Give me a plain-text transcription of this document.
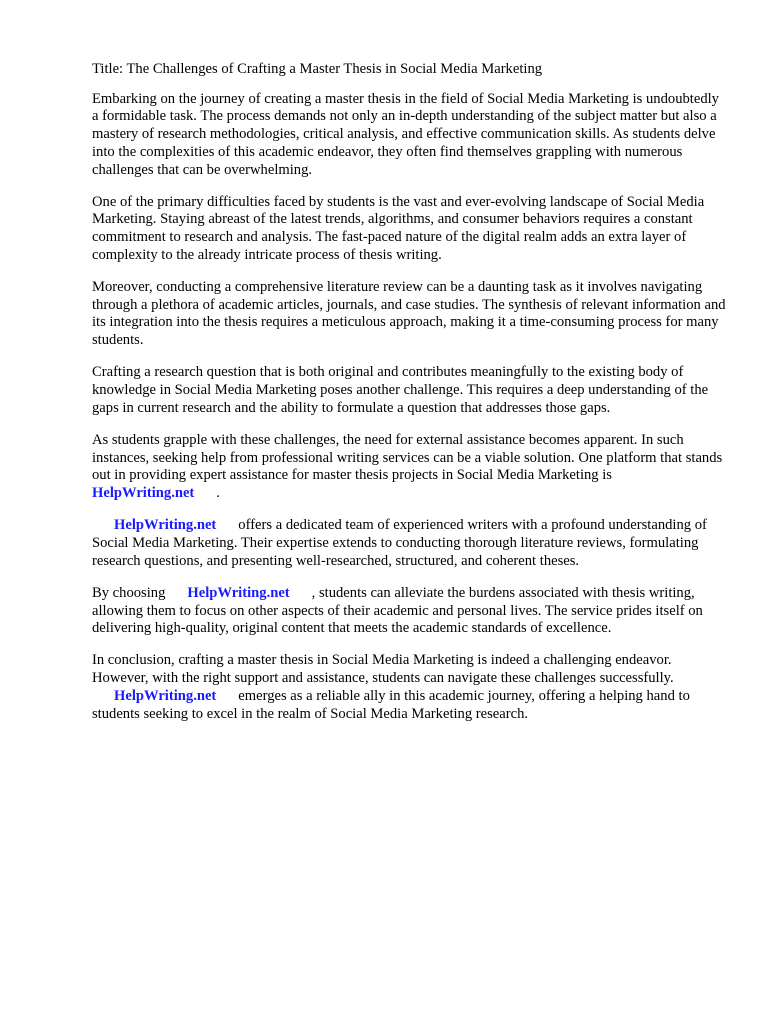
Title: The Challenges of Crafting a Master Thesis in Social Media Marketing

Embarking on the journey of creating a master thesis in the field of Social Media Marketing is undoubtedly a formidable task. The process demands not only an in-depth understanding of the subject matter but also a mastery of research methodologies, critical analysis, and effective communication skills. As students delve into the complexities of this academic endeavor, they often find themselves grappling with numerous challenges that can be overwhelming.

One of the primary difficulties faced by students is the vast and ever-evolving landscape of Social Media Marketing. Staying abreast of the latest trends, algorithms, and consumer behaviors requires a constant commitment to research and analysis. The fast-paced nature of the digital realm adds an extra layer of complexity to the already intricate process of thesis writing.

Moreover, conducting a comprehensive literature review can be a daunting task as it involves navigating through a plethora of academic articles, journals, and case studies. The synthesis of relevant information and its integration into the thesis requires a meticulous approach, making it a time-consuming process for many students.

Crafting a research question that is both original and contributes meaningfully to the existing body of knowledge in Social Media Marketing poses another challenge. This requires a deep understanding of the gaps in current research and the ability to formulate a question that addresses those gaps.

As students grapple with these challenges, the need for external assistance becomes apparent. In such instances, seeking help from professional writing services can be a viable solution. One platform that stands out in providing expert assistance for master thesis projects in Social Media Marketing isHelpWriting.net .

HelpWriting.net offers a dedicated team of experienced writers with a profound understanding of Social Media Marketing. Their expertise extends to conducting thorough literature reviews, formulating research questions, and presenting well-researched, structured, and coherent theses.

By choosing HelpWriting.net , students can alleviate the burdens associated with thesis writing, allowing them to focus on other aspects of their academic and personal lives. The service prides itself on delivering high-quality, original content that meets the academic standards of excellence.

In conclusion, crafting a master thesis in Social Media Marketing is indeed a challenging endeavor. However, with the right support and assistance, students can navigate these challenges successfully.
HelpWriting.net emerges as a reliable ally in this academic journey, offering a helping hand to students seeking to excel in the realm of Social Media Marketing research.
